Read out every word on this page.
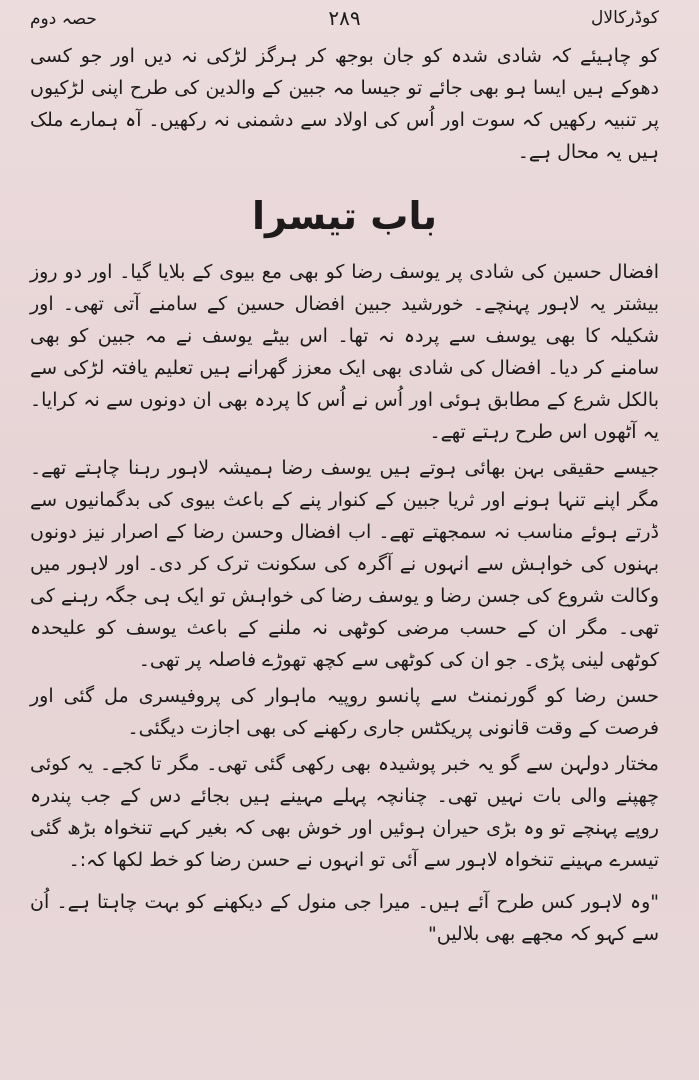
حصہ دوم	٢٨٩	کوڈرکالال

کو چاہیئے کہ شادی شدہ کو جان بوجھ کر ہرگز لڑکی نہ دیں اور جو کسی دھوکے ہیں ایسا ہو بھی جائے تو جیسا مہ جبین کے والدین کی طرح اپنی لڑکیوں پر تنبیہ رکھیں کہ سوت اور اُس کی اولاد سے دشمنی نہ رکھیں۔ آہ ہمارے ملک ہیں یہ محال ہے۔

باب تیسرا

افضال حسین کی شادی پر یوسف رضا کو بھی مع بیوی کے بلایا گیا۔ اور دو روز بیشتر یہ لاہور پہنچے۔ خورشید جبین افضال حسین کے سامنے آتی تھی۔ اور شکیلہ کا بھی یوسف سے پردہ نہ تھا۔ اس بیٹے یوسف نے مہ جبین کو بھی سامنے کر دیا۔ افضال کی شادی بھی ایک معزز گھرانے ہیں تعلیم یافتہ لڑکی سے بالکل شرع کے مطابق ہوئی اور اُس نے اُس کا پردہ بھی ان دونوں سے نہ کرایا۔ یہ آٹھوں اس طرح رہتے تھے۔

جیسے حقیقی بہن بھائی ہوتے ہیں یوسف رضا ہمیشہ لاہور رہنا چاہتے تھے۔ مگر اپنے تنہا ہونے اور ثریا جبین کے کنوار پنے کے باعث بیوی کی بدگمانیوں سے ڈرتے ہوئے مناسب نہ سمجھتے تھے۔ اب افضال وحسن رضا کے اصرار نیز دونوں بہنوں کی خواہش سے انہوں نے آگرہ کی سکونت ترک کر دی۔ اور لاہور میں وکالت شروع کی جسن رضا و یوسف رضا کی خواہش تو ایک ہی جگہ رہنے کی تھی۔ مگر ان کے حسب مرضی کوٹھی نہ ملنے کے باعث یوسف کو علیحدہ کوٹھی لینی پڑی۔ جو ان کی کوٹھی سے کچھ تھوڑے فاصلہ پر تھی۔

حسن رضا کو گورنمنٹ سے پانسو روپیہ ماہوار کی پروفیسری مل گئی اور فرصت کے وقت قانونی پریکٹس جاری رکھنے کی بھی اجازت دیگئی۔

مختار دولہن سے گو یہ خبر پوشیدہ بھی رکھی گئی تھی۔ مگر تا کجے۔ یہ کوئی چھپنے والی بات نہیں تھی۔ چنانچہ پہلے مہینے ہیں بجائے دس کے جب پندرہ روپے پہنچے تو وہ بڑی حیران ہوئیں اور خوش بھی کہ بغیر کہے تنخواہ بڑھ گئی تیسرے مہینے تنخواہ لاہور سے آئی تو انہوں نے حسن رضا کو خط لکھا کہ:۔

"وہ لاہور کس طرح آئے ہیں۔ میرا جی منول کے دیکھنے کو بہت چاہتا ہے۔ اُن سے کہو کہ مجھے بھی بلالیں"
